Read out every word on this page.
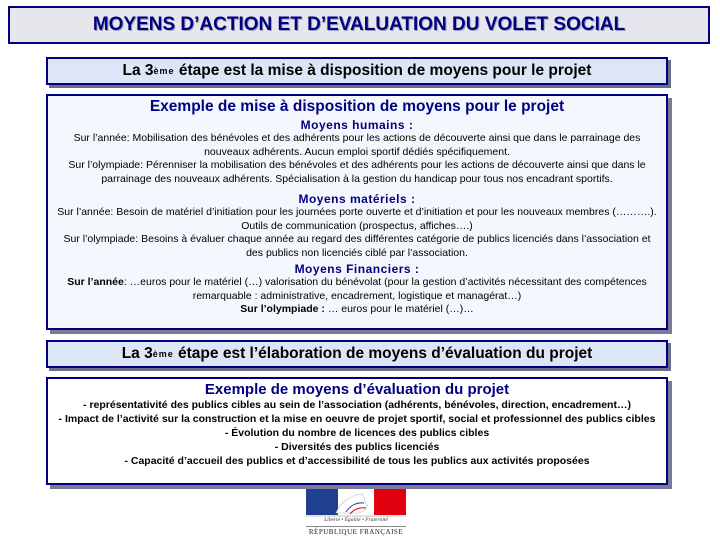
MOYENS D’ACTION ET D’EVALUATION DU VOLET SOCIAL
La 3 ème étape est la mise à disposition de moyens pour le projet
Exemple de mise à disposition de moyens pour le projet
Moyens humains :
Sur l’année: Mobilisation des bénévoles et des adhérents pour les actions de découverte ainsi que dans le parrainage des nouveaux adhérents. Aucun emploi sportif dédiés spécifiquement.
Sur l’olympiade: Pérenniser la mobilisation des bénévoles et des adhérents pour les actions de découverte ainsi que dans le parrainage des nouveaux adhérents. Spécialisation à la gestion du handicap pour tous nos encadrant sportifs.
Moyens matériels :
Sur l’année: Besoin de matériel d’initiation pour les journées porte ouverte et d’initiation et pour les nouveaux membres (……….). Outils de communication (prospectus, affiches….)
Sur l’olympiade: Besoins à évaluer chaque année au regard des différentes catégorie de publics licenciés dans l’association et des publics non licenciés ciblé par l’association.
Moyens Financiers :
Sur l’année: …euros pour le matériel (…) valorisation du bénévolat (pour la gestion d’activités nécessitant des compétences remarquable : administrative, encadrement, logistique et managérat…)
Sur l’olympiade : … euros pour le matériel (…)…
La 3 ème étape est l’élaboration de moyens d’évaluation du projet
Exemple de moyens d’évaluation du projet
- représentativité des publics cibles au sein de l’association (adhérents, bénévoles, direction, encadrement…)
- Impact de l’activité sur la construction et la mise en oeuvre de projet sportif, social et professionnel des publics cibles
- Évolution du nombre de licences des publics cibles
- Diversités des publics licenciés
- Capacité d’accueil des publics et d’accessibilité de tous les publics aux activités proposées
Liberté • Égalité • Fraternité
RÉPUBLIQUE FRANÇAISE
